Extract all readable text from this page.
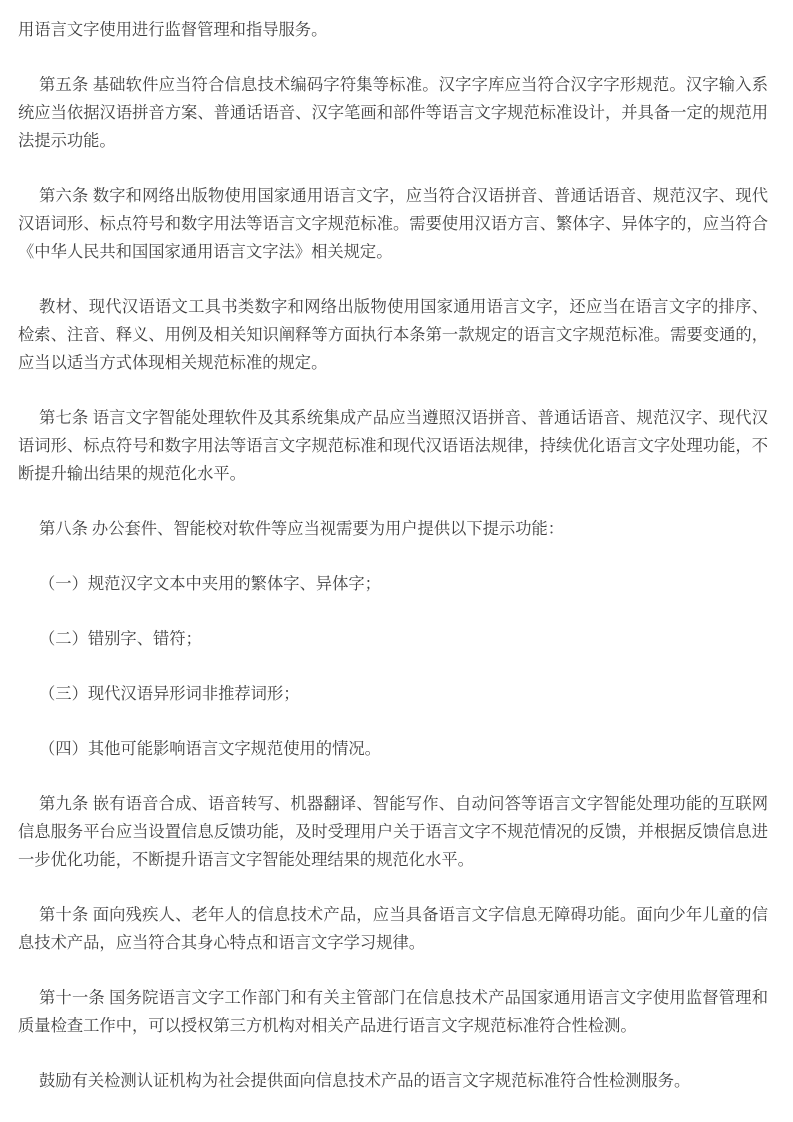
用语言文字使用进行监督管理和指导服务。

第五条 基础软件应当符合信息技术编码字符集等标准。汉字字库应当符合汉字字形规范。汉字输入系统应当依据汉语拼音方案、普通话语音、汉字笔画和部件等语言文字规范标准设计，并具备一定的规范用法提示功能。

第六条 数字和网络出版物使用国家通用语言文字，应当符合汉语拼音、普通话语音、规范汉字、现代汉语词形、标点符号和数字用法等语言文字规范标准。需要使用汉语方言、繁体字、异体字的，应当符合《中华人民共和国国家通用语言文字法》相关规定。

教材、现代汉语语文工具书类数字和网络出版物使用国家通用语言文字，还应当在语言文字的排序、检索、注音、释义、用例及相关知识阐释等方面执行本条第一款规定的语言文字规范标准。需要变通的，应当以适当方式体现相关规范标准的规定。

第七条 语言文字智能处理软件及其系统集成产品应当遵照汉语拼音、普通话语音、规范汉字、现代汉语词形、标点符号和数字用法等语言文字规范标准和现代汉语语法规律，持续优化语言文字处理功能，不断提升输出结果的规范化水平。

第八条 办公套件、智能校对软件等应当视需要为用户提供以下提示功能：

（一）规范汉字文本中夹用的繁体字、异体字；

（二）错别字、错符；

（三）现代汉语异形词非推荐词形；

（四）其他可能影响语言文字规范使用的情况。

第九条 嵌有语音合成、语音转写、机器翻译、智能写作、自动问答等语言文字智能处理功能的互联网信息服务平台应当设置信息反馈功能，及时受理用户关于语言文字不规范情况的反馈，并根据反馈信息进一步优化功能，不断提升语言文字智能处理结果的规范化水平。

第十条 面向残疾人、老年人的信息技术产品，应当具备语言文字信息无障碍功能。面向少年儿童的信息技术产品，应当符合其身心特点和语言文字学习规律。

第十一条 国务院语言文字工作部门和有关主管部门在信息技术产品国家通用语言文字使用监督管理和质量检查工作中，可以授权第三方机构对相关产品进行语言文字规范标准符合性检测。

鼓励有关检测认证机构为社会提供面向信息技术产品的语言文字规范标准符合性检测服务。
